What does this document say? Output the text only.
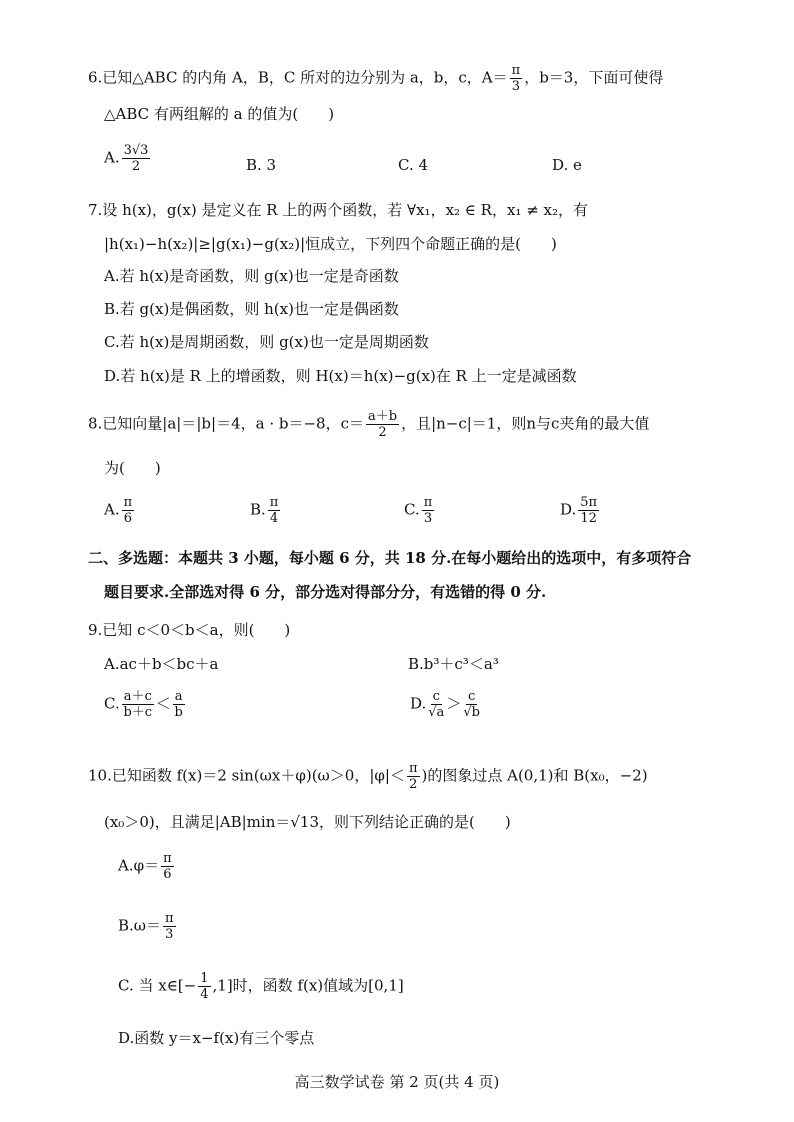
6.已知△ABC 的内角 A，B，C 所对的边分别为 a，b，c，$A= \frac{\pi}{3}$ ，b＝3，下面可使得
△ABC 有两组解的 a 的值为(　　)
A. $\frac{3√3}{2}$	B. 3	C. 4	D. e
7.设 h(x)，g(x) 是定义在 R 上的两个函数，若 ∀x₁，x₂ ∈ R，x₁ ≠ x₂，有
|h(x₁)−h(x₂)|≥|g(x₁)−g(x₂)|恒成立，下列四个命题正确的是(　　)
A.若 h(x)是奇函数，则 g(x)也一定是奇函数
B.若 g(x)是偶函数，则 h(x)也一定是偶函数
C.若 h(x)是周期函数，则 g(x)也一定是周期函数
D.若 h(x)是 R 上的增函数，则 H(x)＝h(x)−g(x)在 R 上一定是减函数
8.已知向量|a|＝|b|＝4，a · b＝−8，$c= \frac{a+b}{2}$ ，且|n−c|＝1，则n与c夹角的最大值
为(　　)
A. $\frac{\pi}{6}$	B. $\frac{\pi}{4}$	C. $\frac{\pi}{3}$	D. $\frac{5\pi}{12}$
二、多选题：本题共 3 小题，每小题 6 分，共 18 分.在每小题给出的选项中，有多项符合
题目要求.全部选对得 6 分，部分选对得部分分，有选错的得 0 分.
9.已知 c＜0＜b＜a，则(　　)
A.ac＋b＜bc＋a	B.b³＋c³＜a³
C. $\frac{a+c}{b+c} < \frac{a}{b}$	D. $\frac{c}{√a} > \frac{c}{√b}$
10.已知函数 f(x)＝2 sin(ωx＋φ)(ω＞0，$|\varphi|< \frac{\pi}{2}$ )的图象过点 A(0,1)和 B(x₀，−2)
(x₀＞0)，且满足|AB|min＝√13，则下列结论正确的是(　　)
$A.\varphi= \frac{\pi}{6}$
$B.\omega= \frac{\pi}{3}$
C. 当 x∈[− $\frac{1}{4} ,1$]时，函数 f(x)值域为[0,1]
D.函数 y＝x−f(x)有三个零点
高三数学试卷 第 2 页(共 4 页)
